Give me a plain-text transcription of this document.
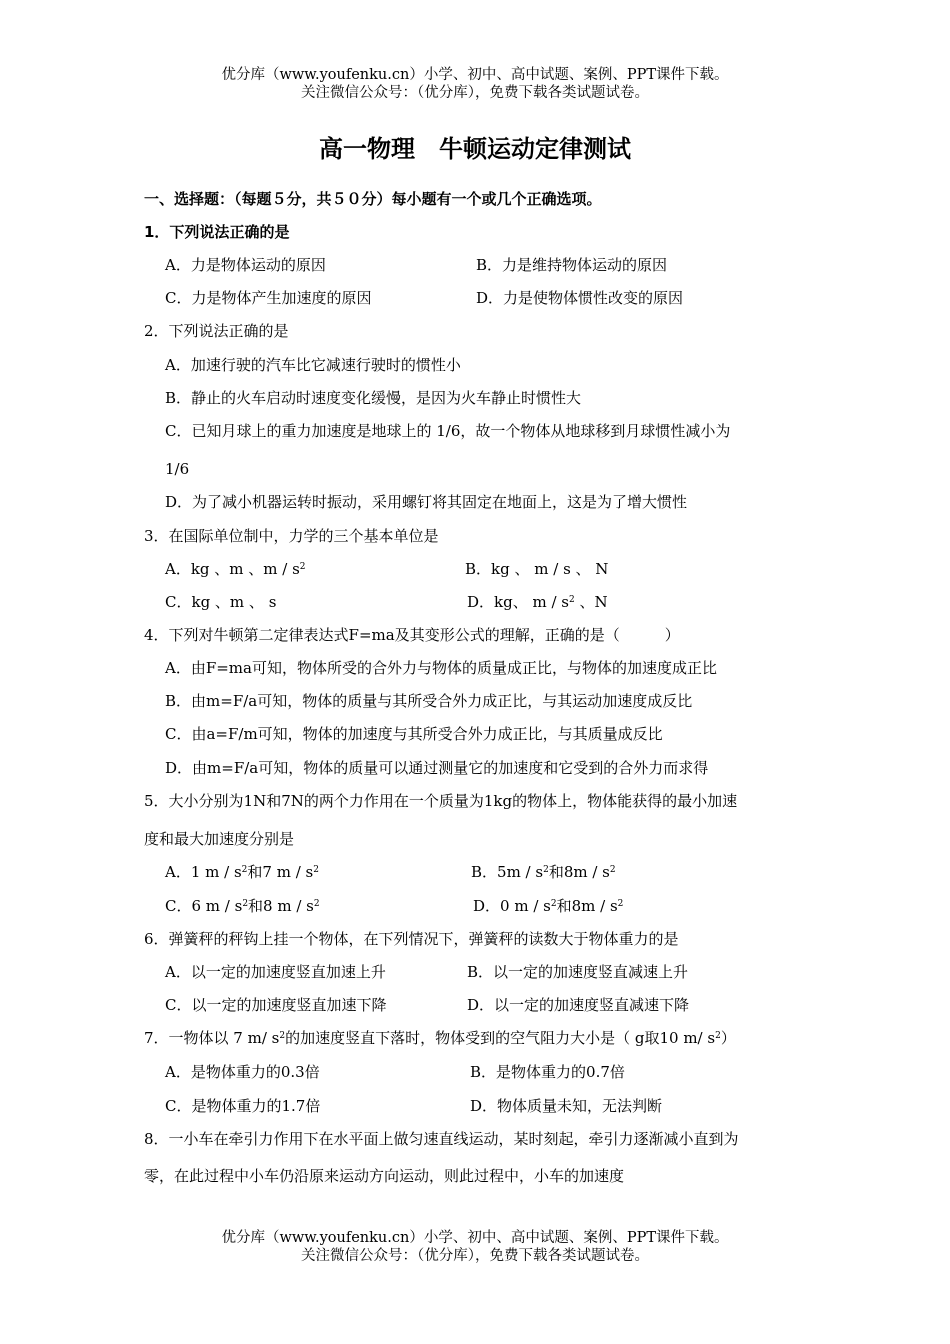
优分库（www.youfenku.cn）小学、初中、高中试题、案例、PPT课件下载。
关注微信公众号：（优分库），免费下载各类试题试卷。
高一物理　牛顿运动定律测试
一、选择题：（每题５分，共５０分）每小题有一个或几个正确选项。
1．下列说法正确的是
A．力是物体运动的原因	B．力是维持物体运动的原因
C．力是物体产生加速度的原因	D．力是使物体惯性改变的原因
2．下列说法正确的是
A．加速行驶的汽车比它减速行驶时的惯性小
B．静止的火车启动时速度变化缓慢，是因为火车静止时惯性大
C．已知月球上的重力加速度是地球上的 1/6，故一个物体从地球移到月球惯性减小为
1/6
D．为了减小机器运转时振动，采用螺钉将其固定在地面上，这是为了增大惯性
3．在国际单位制中，力学的三个基本单位是
A．kg 、m 、m / $s^2$	B．kg 、 m / s 、 N
C．kg 、m 、 s	D．kg、 m / $s^2$ 、N
4．下列对牛顿第二定律表达式F=ma及其变形公式的理解，正确的是（　　　）
A．由F=ma可知，物体所受的合外力与物体的质量成正比，与物体的加速度成正比
B．由m=F/a可知，物体的质量与其所受合外力成正比，与其运动加速度成反比
C．由a=F/m可知，物体的加速度与其所受合外力成正比，与其质量成反比
D．由m=F/a可知，物体的质量可以通过测量它的加速度和它受到的合外力而求得
5．大小分别为1N和7N的两个力作用在一个质量为1kg的物体上，物体能获得的最小加速
度和最大加速度分别是
A．1 m / $s^2$和7 m / $s^2$	B．$5m / s^2$和$8m / s^2$
C．6 m / $s^2$和8 m / $s^2$	D．0 m / $s^2$和$8m / s^2$
6．弹簧秤的秤钩上挂一个物体，在下列情况下，弹簧秤的读数大于物体重力的是
A．以一定的加速度竖直加速上升	B．以一定的加速度竖直减速上升
C．以一定的加速度竖直加速下降	D．以一定的加速度竖直减速下降
7．一物体以 7 m/ $s^2$的加速度竖直下落时，物体受到的空气阻力大小是（ g取10 m/ $s^2$）
A．是物体重力的0.3倍	B．是物体重力的0.7倍
C．是物体重力的1.7倍	D．物体质量未知，无法判断
8．一小车在牵引力作用下在水平面上做匀速直线运动，某时刻起，牵引力逐渐减小直到为
零，在此过程中小车仍沿原来运动方向运动，则此过程中，小车的加速度
优分库（www.youfenku.cn）小学、初中、高中试题、案例、PPT课件下载。
关注微信公众号：（优分库），免费下载各类试题试卷。
